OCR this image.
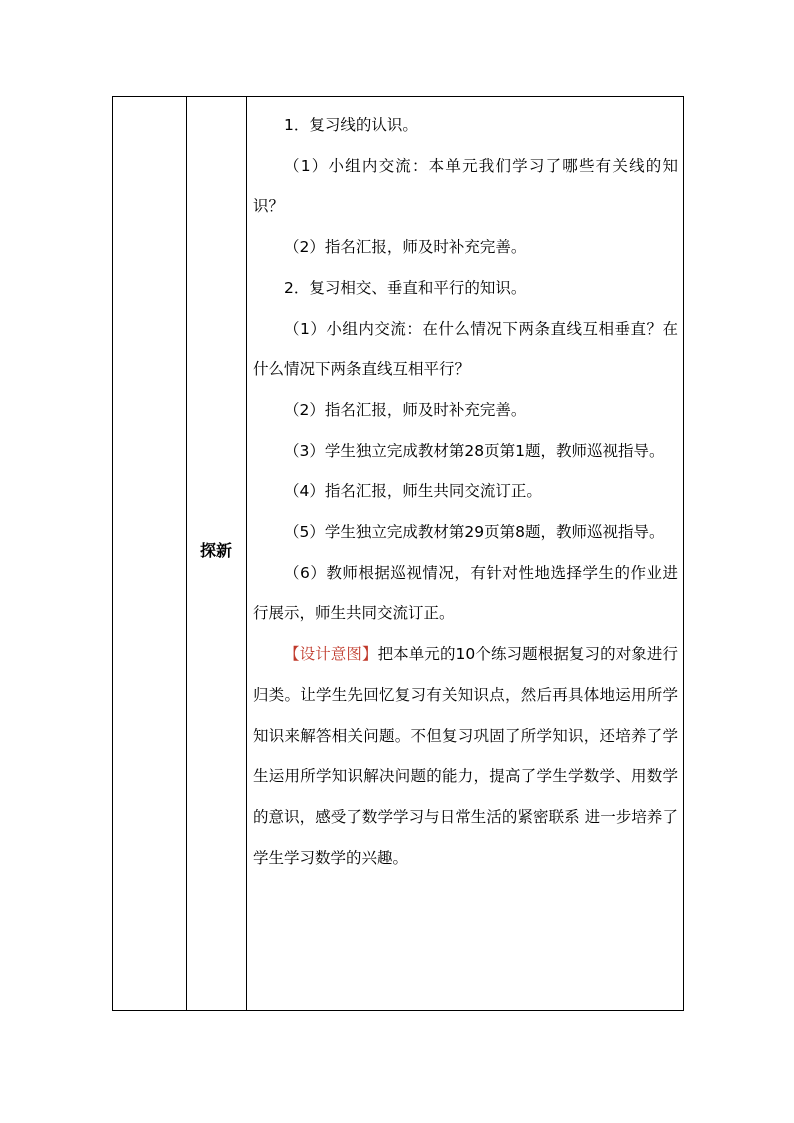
探新

1．复习线的认识。

（1）小组内交流：本单元我们学习了哪些有关线的知识？

（2）指名汇报，师及时补充完善。

2．复习相交、垂直和平行的知识。

（1）小组内交流：在什么情况下两条直线互相垂直？在什么情况下两条直线互相平行？

（2）指名汇报，师及时补充完善。

（3）学生独立完成教材第28页第1题，教师巡视指导。

（4）指名汇报，师生共同交流订正。

（5）学生独立完成教材第29页第8题，教师巡视指导。

（6）教师根据巡视情况，有针对性地选择学生的作业进行展示，师生共同交流订正。

【设计意图】把本单元的10个练习题根据复习的对象进行归类。让学生先回忆复习有关知识点，然后再具体地运用所学知识来解答相关问题。不但复习巩固了所学知识，还培养了学生运用所学知识解决问题的能力，提高了学生学数学、用数学的意识，感受了数学学习与日常生活的紧密联系 进一步培养了学生学习数学的兴趣。
